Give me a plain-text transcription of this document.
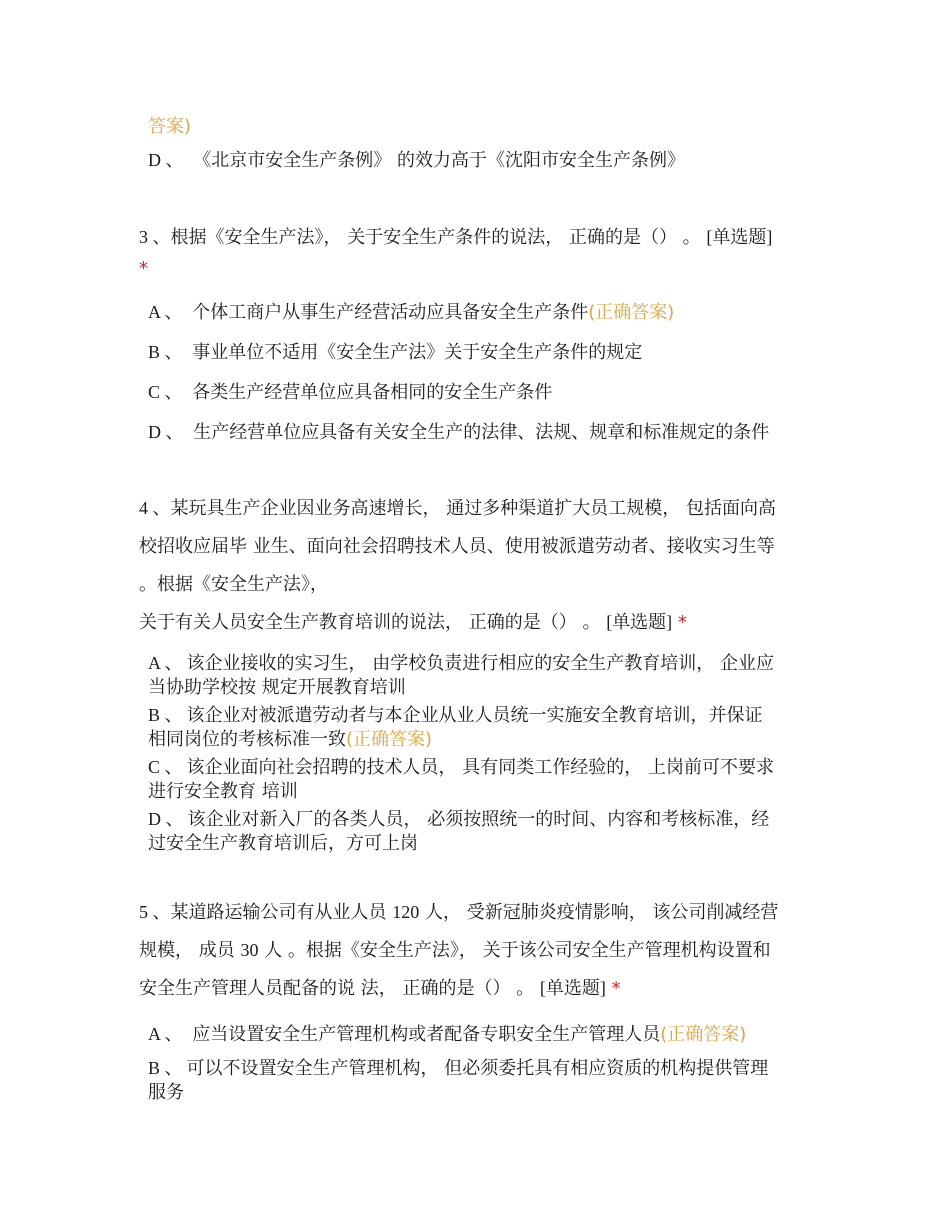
答案)
D 、 《北京市安全生产条例》 的效力高于《沈阳市安全生产条例》
3 、根据《安全生产法》， 关于安全生产条件的说法， 正确的是（） 。 [单选题]
*
A 、 个体工商户从事生产经营活动应具备安全生产条件(正确答案)
B 、 事业单位不适用《安全生产法》关于安全生产条件的规定
C 、 各类生产经营单位应具备相同的安全生产条件
D 、 生产经营单位应具备有关安全生产的法律、法规、规章和标准规定的条件
4 、某玩具生产企业因业务高速增长， 通过多种渠道扩大员工规模， 包括面向高
校招收应届毕 业生、面向社会招聘技术人员、使用被派遣劳动者、接收实习生等
。根据《安全生产法》，
关于有关人员安全生产教育培训的说法， 正确的是（） 。 [单选题] *
A 、 该企业接收的实习生， 由学校负责进行相应的安全生产教育培训， 企业应
当协助学校按 规定开展教育培训
B 、 该企业对被派遣劳动者与本企业从业人员统一实施安全教育培训，并保证
相同岗位的考核标准一致(正确答案)
C 、 该企业面向社会招聘的技术人员， 具有同类工作经验的， 上岗前可不要求
进行安全教育 培训
D 、 该企业对新入厂的各类人员， 必须按照统一的时间、内容和考核标准，经
过安全生产教育培训后，方可上岗
5 、某道路运输公司有从业人员 120 人， 受新冠肺炎疫情影响， 该公司削减经营
规模， 成员 30 人 。根据《安全生产法》， 关于该公司安全生产管理机构设置和
安全生产管理人员配备的说 法， 正确的是（） 。 [单选题] *
A 、 应当设置安全生产管理机构或者配备专职安全生产管理人员(正确答案)
B 、 可以不设置安全生产管理机构， 但必须委托具有相应资质的机构提供管理
服务
